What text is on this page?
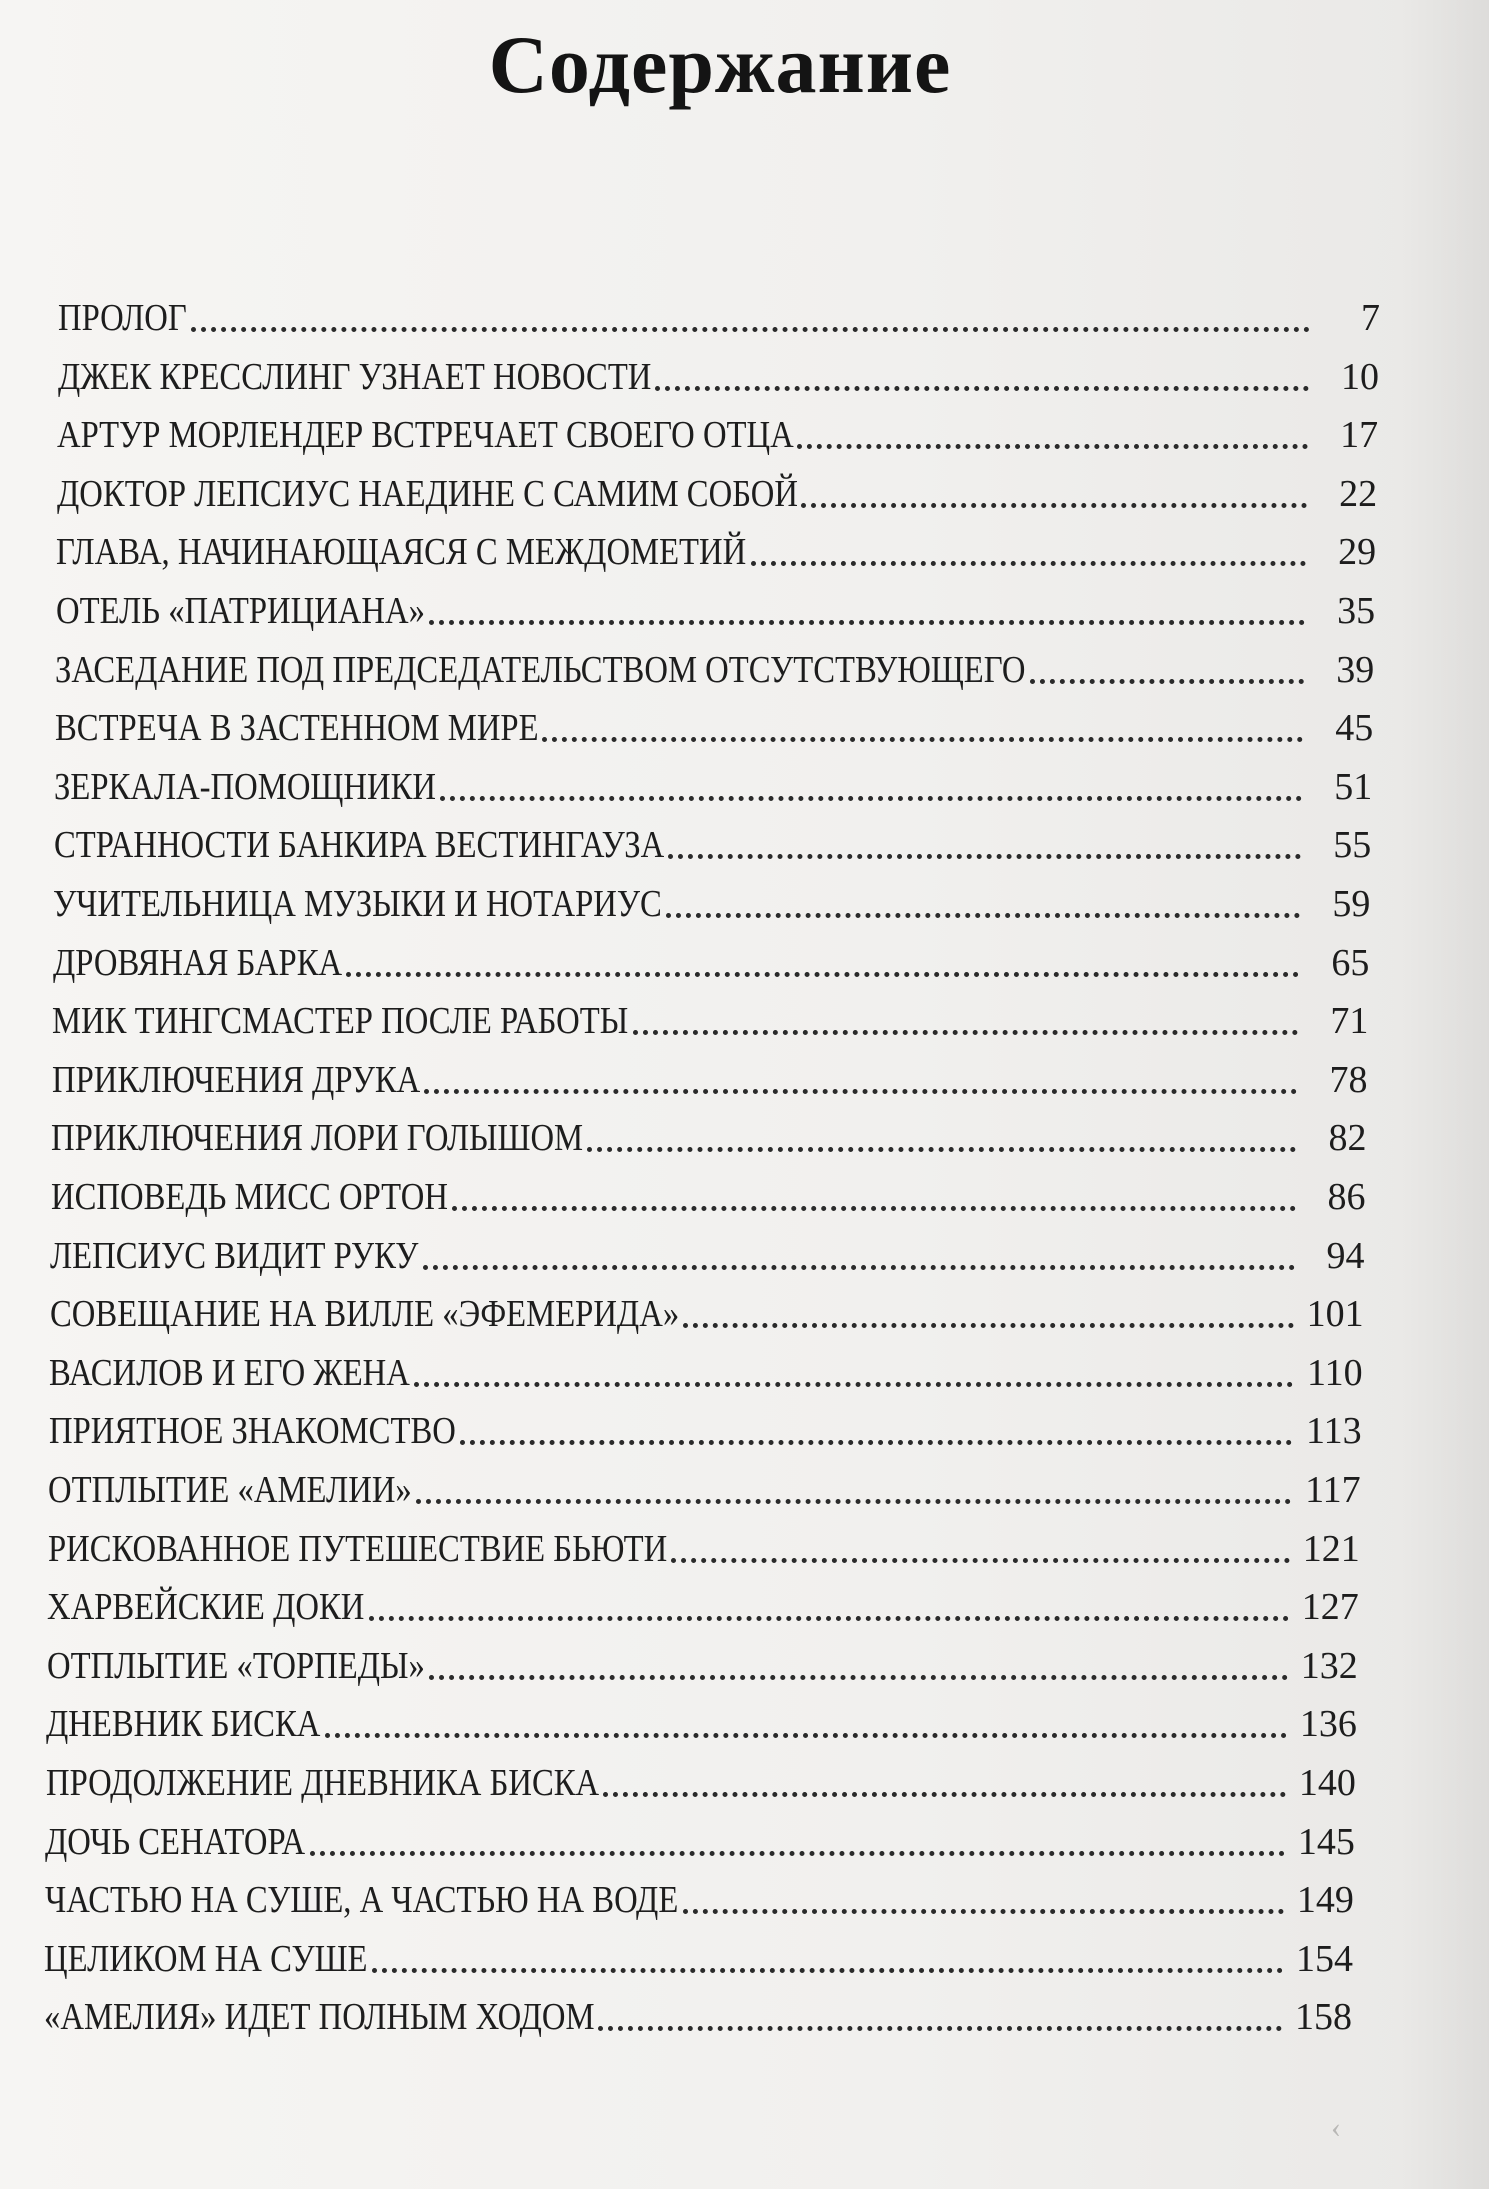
Содержание
ПРОЛОГ	7
ДЖЕК КРЕССЛИНГ УЗНАЕТ НОВОСТИ	10
АРТУР МОРЛЕНДЕР ВСТРЕЧАЕТ СВОЕГО ОТЦА	17
ДОКТОР ЛЕПСИУС НАЕДИНЕ С САМИМ СОБОЙ	22
ГЛАВА, НАЧИНАЮЩАЯСЯ С МЕЖДОМЕТИЙ	29
ОТЕЛЬ «ПАТРИЦИАНА»	35
ЗАСЕДАНИЕ ПОД ПРЕДСЕДАТЕЛЬСТВОМ ОТСУТСТВУЮЩЕГО	39
ВСТРЕЧА В ЗАСТЕННОМ МИРЕ	45
ЗЕРКАЛА-ПОМОЩНИКИ	51
СТРАННОСТИ БАНКИРА ВЕСТИНГАУЗА	55
УЧИТЕЛЬНИЦА МУЗЫКИ И НОТАРИУС	59
ДРОВЯНАЯ БАРКА	65
МИК ТИНГСМАСТЕР ПОСЛЕ РАБОТЫ	71
ПРИКЛЮЧЕНИЯ ДРУКА	78
ПРИКЛЮЧЕНИЯ ЛОРИ ГОЛЫШОМ	82
ИСПОВЕДЬ МИСС ОРТОН	86
ЛЕПСИУС ВИДИТ РУКУ	94
СОВЕЩАНИЕ НА ВИЛЛЕ «ЭФЕМЕРИДА»	101
ВАСИЛОВ И ЕГО ЖЕНА	110
ПРИЯТНОЕ ЗНАКОМСТВО	113
ОТПЛЫТИЕ «АМЕЛИИ»	117
РИСКОВАННОЕ ПУТЕШЕСТВИЕ БЬЮТИ	121
ХАРВЕЙСКИЕ ДОКИ	127
ОТПЛЫТИЕ «ТОРПЕДЫ»	132
ДНЕВНИК БИСКА	136
ПРОДОЛЖЕНИЕ ДНЕВНИКА БИСКА	140
ДОЧЬ СЕНАТОРА	145
ЧАСТЬЮ НА СУШЕ, А ЧАСТЬЮ НА ВОДЕ	149
ЦЕЛИКОМ НА СУШЕ	154
«АМЕЛИЯ» ИДЕТ ПОЛНЫМ ХОДОМ	158
‹
